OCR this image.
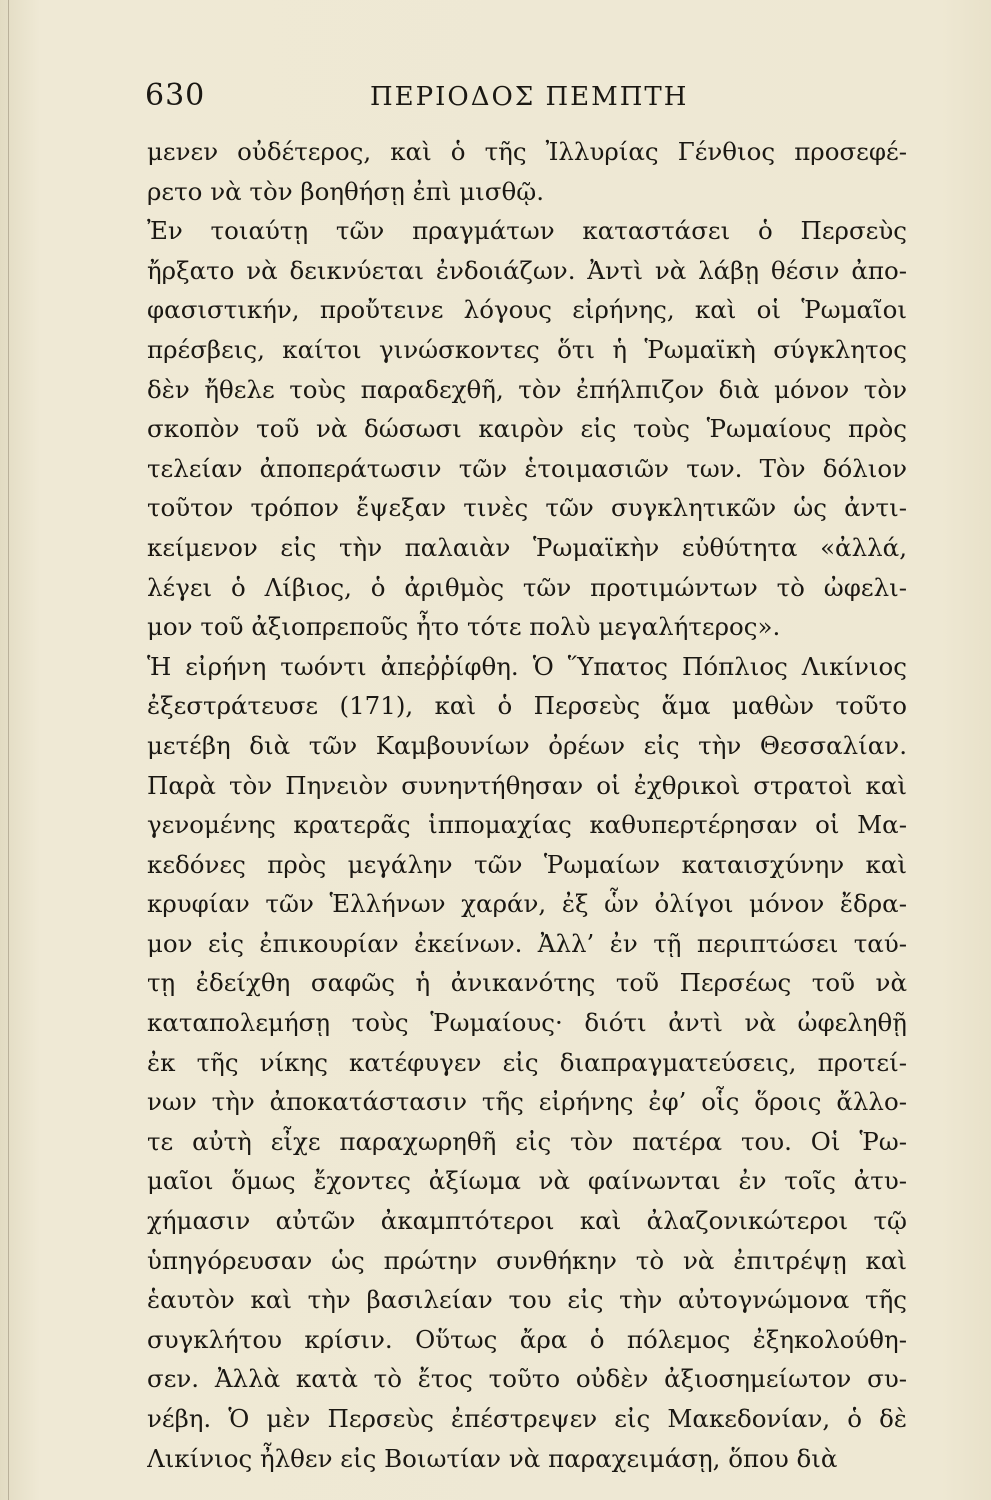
630	ΠΕΡΙΟΔΟΣ ΠΕΜΠΤΗ
μενεν οὐδέτερος, καὶ ὁ τῆς Ἰλλυρίας Γένθιος προσεφέ-
ρετο νὰ τὸν βοηθήσῃ ἐπὶ μισθῷ.
Ἐν τοιαύτῃ τῶν πραγμάτων καταστάσει ὁ Περσεὺς
ἤρξατο νὰ δεικνύεται ἐνδοιάζων. Ἀντὶ νὰ λάβῃ θέσιν ἀπο-
φασιστικήν, προὔτεινε λόγους εἰρήνης, καὶ οἱ Ῥωμαῖοι
πρέσβεις, καίτοι γινώσκοντες ὅτι ἡ Ῥωμαϊκὴ σύγκλητος
δὲν ἤθελε τοὺς παραδεχθῆ, τὸν ἐπήλπιζον διὰ μόνον τὸν
σκοπὸν τοῦ νὰ δώσωσι καιρὸν εἰς τοὺς Ῥωμαίους πρὸς
τελείαν ἀποπεράτωσιν τῶν ἑτοιμασιῶν των. Τὸν δόλιον
τοῦτον τρόπον ἔψεξαν τινὲς τῶν συγκλητικῶν ὡς ἀντι-
κείμενον εἰς τὴν παλαιὰν Ῥωμαϊκὴν εὐθύτητα «ἀλλά,
λέγει ὁ Λίβιος, ὁ ἀριθμὸς τῶν προτιμώντων τὸ ὠφελι-
μον τοῦ ἀξιοπρεποῦς ἦτο τότε πολὺ μεγαλήτερος».
Ἡ εἰρήνη τωόντι ἀπεῤῥίφθη. Ὁ Ὕπατος Πόπλιος Λικίνιος
ἐξεστράτευσε (171), καὶ ὁ Περσεὺς ἅμα μαθὼν τοῦτο
μετέβη διὰ τῶν Καμβουνίων ὀρέων εἰς τὴν Θεσσαλίαν.
Παρὰ τὸν Πηνειὸν συνηντήθησαν οἱ ἐχθρικοὶ στρατοὶ καὶ
γενομένης κρατερᾶς ἱππομαχίας καθυπερτέρησαν οἱ Μα-
κεδόνες πρὸς μεγάλην τῶν Ῥωμαίων καταισχύνην καὶ
κρυφίαν τῶν Ἑλλήνων χαράν, ἐξ ὧν ὀλίγοι μόνον ἔδρα-
μον εἰς ἐπικουρίαν ἐκείνων. Ἀλλ’ ἐν τῇ περιπτώσει ταύ-
τῃ ἐδείχθη σαφῶς ἡ ἀνικανότης τοῦ Περσέως τοῦ νὰ
καταπολεμήσῃ τοὺς Ῥωμαίους· διότι ἀντὶ νὰ ὠφεληθῇ
ἐκ τῆς νίκης κατέφυγεν εἰς διαπραγματεύσεις, προτεί-
νων τὴν ἀποκατάστασιν τῆς εἰρήνης ἐφ’ οἷς ὅροις ἄλλο-
τε αὐτὴ εἶχε παραχωρηθῆ εἰς τὸν πατέρα του. Οἱ Ῥω-
μαῖοι ὅμως ἔχοντες ἀξίωμα νὰ φαίνωνται ἐν τοῖς ἀτυ-
χήμασιν αὐτῶν ἀκαμπτότεροι καὶ ἀλαζονικώτεροι τῷ
ὑπηγόρευσαν ὡς πρώτην συνθήκην τὸ νὰ ἐπιτρέψῃ καὶ
ἑαυτὸν καὶ τὴν βασιλείαν του εἰς τὴν αὐτογνώμονα τῆς
συγκλήτου κρίσιν. Οὕτως ἄρα ὁ πόλεμος ἐξηκολούθη-
σεν. Ἀλλὰ κατὰ τὸ ἔτος τοῦτο οὐδὲν ἀξιοσημείωτον συ-
νέβη. Ὁ μὲν Περσεὺς ἐπέστρεψεν εἰς Μακεδονίαν, ὁ δὲ
Λικίνιος ἦλθεν εἰς Βοιωτίαν νὰ παραχειμάσῃ, ὅπου διὰ
